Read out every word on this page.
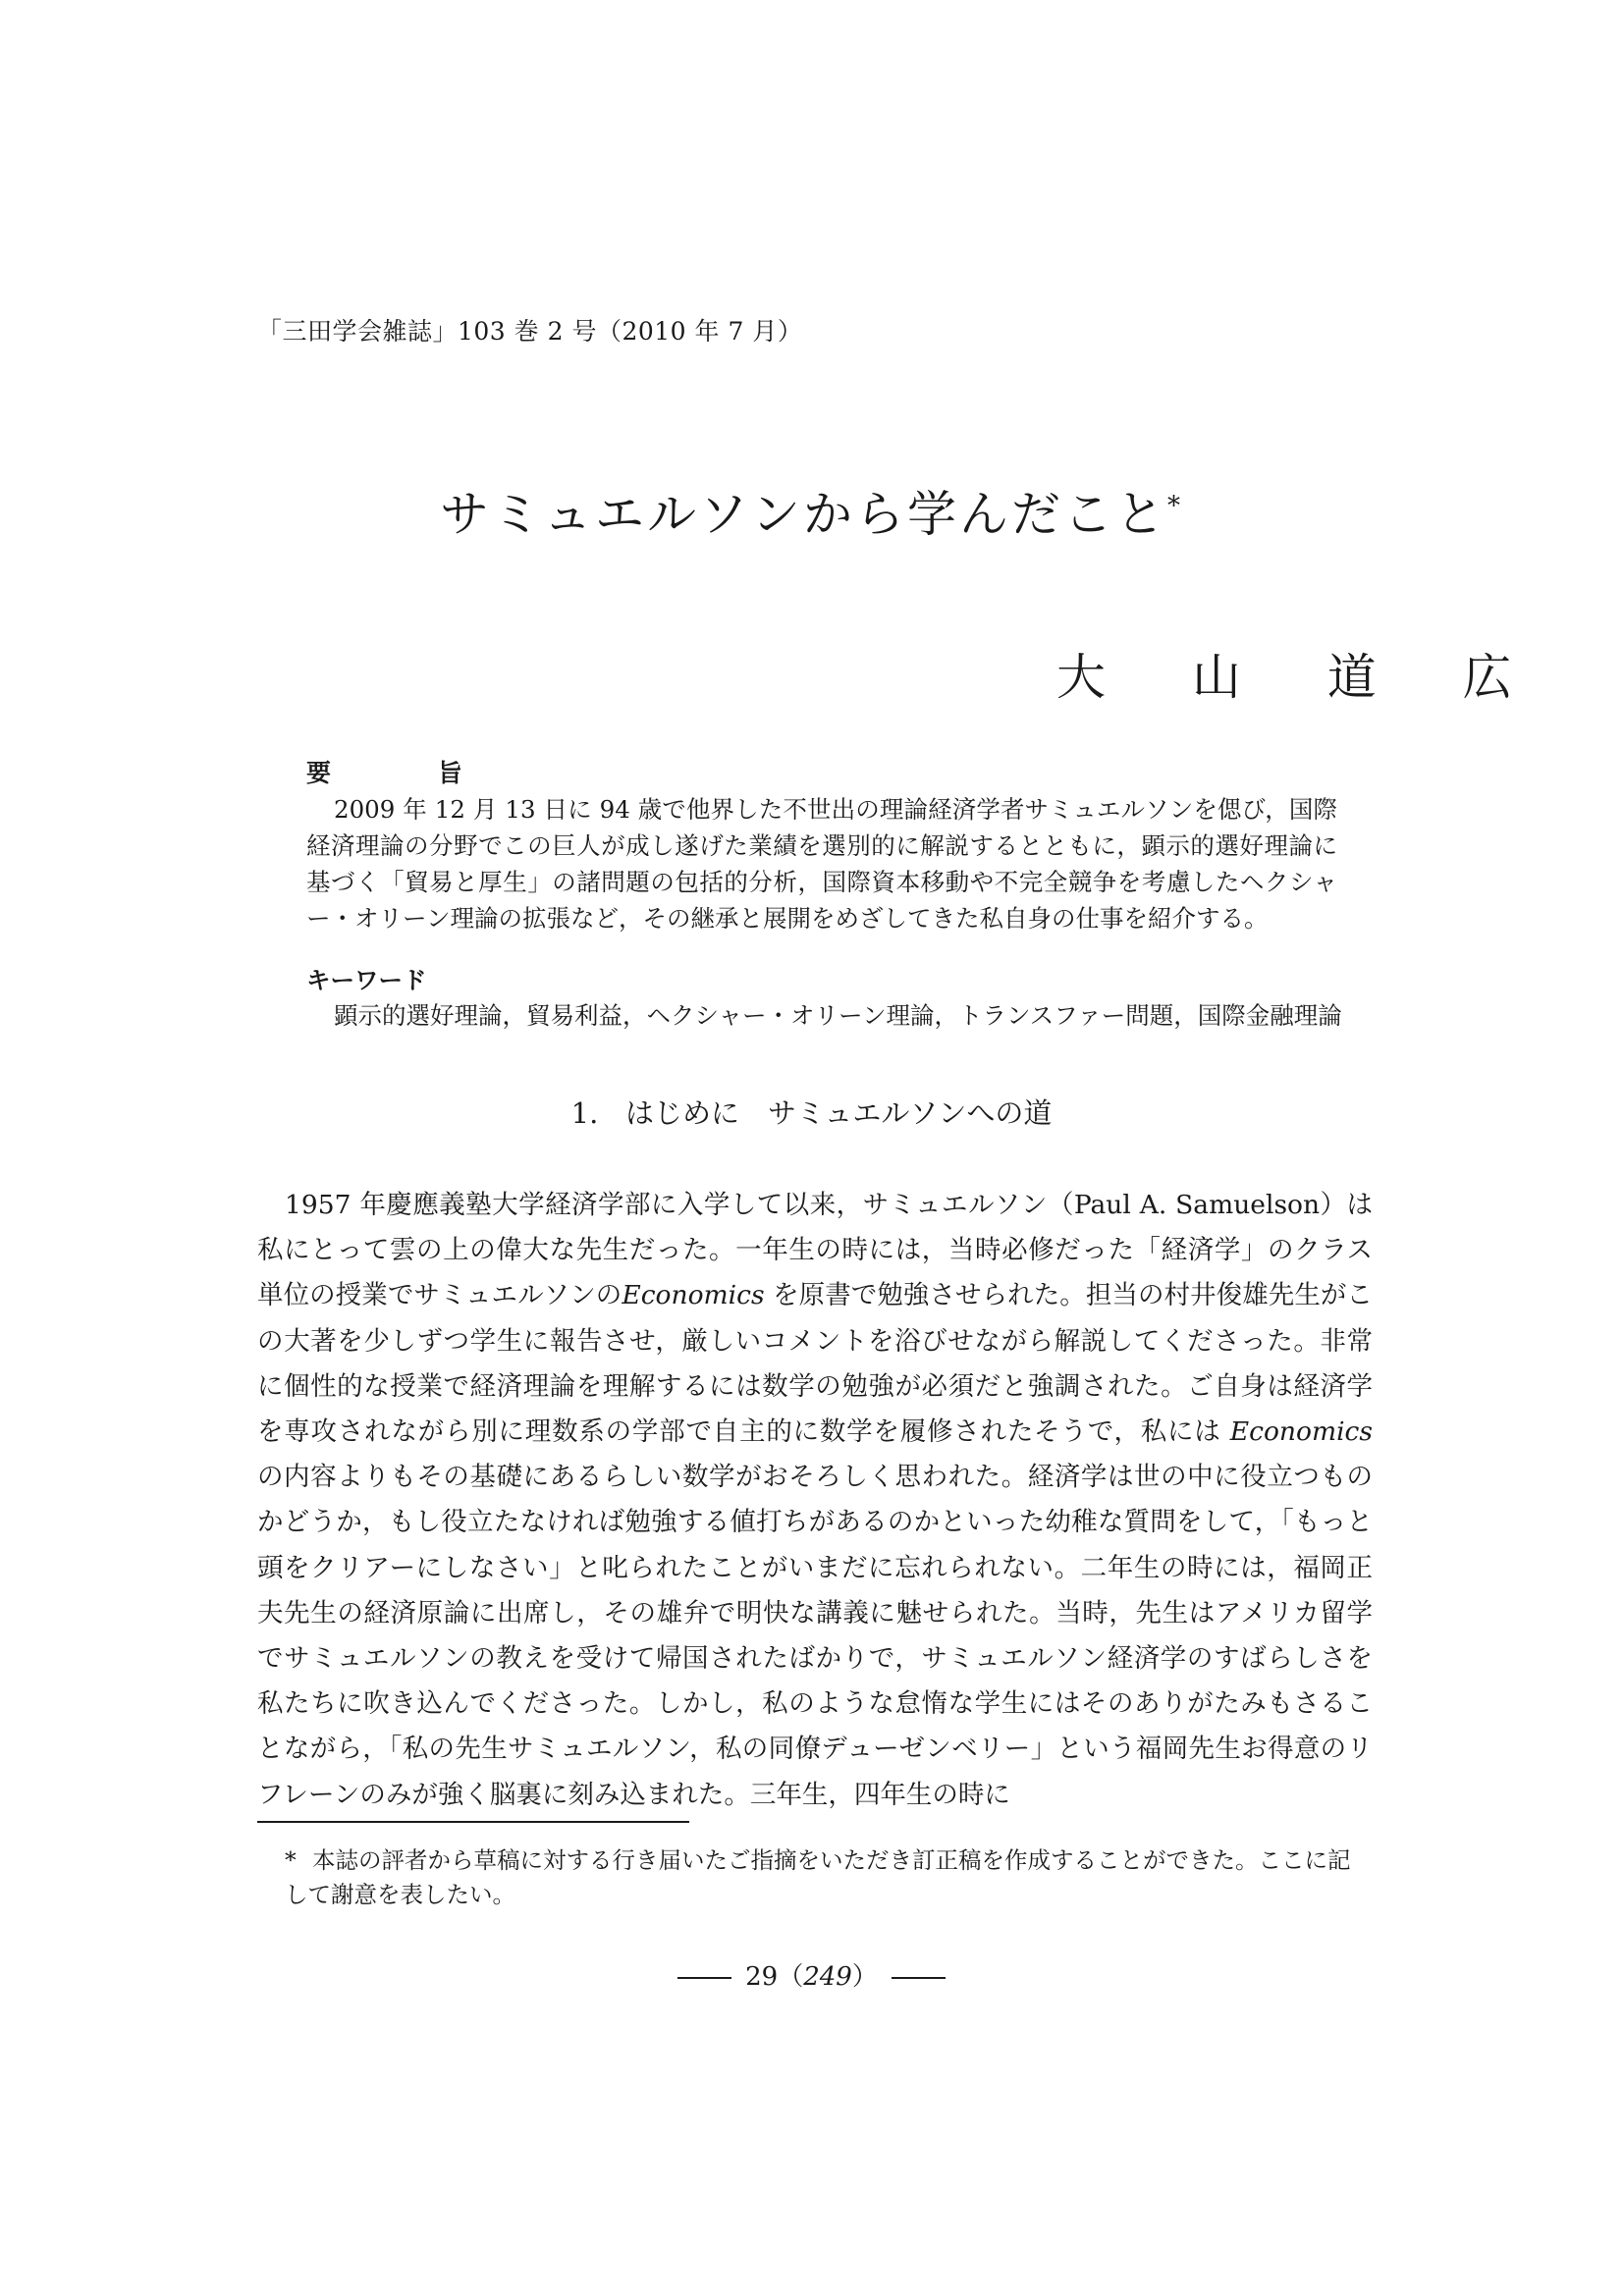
「三田学会雑誌」103 巻 2 号（2010 年 7 月）
サミュエルソンから学んだこと*
大 山 道 広
要 旨
2009 年 12 月 13 日に 94 歳で他界した不世出の理論経済学者サミュエルソンを偲び，国際経済理論の分野でこの巨人が成し遂げた業績を選別的に解説するとともに，顕示的選好理論に基づく「貿易と厚生」の諸問題の包括的分析，国際資本移動や不完全競争を考慮したヘクシャー・オリーン理論の拡張など，その継承と展開をめざしてきた私自身の仕事を紹介する。
キーワード
顕示的選好理論，貿易利益，ヘクシャー・オリーン理論，トランスファー問題，国際金融理論
1. はじめに　サミュエルソンへの道
1957 年慶應義塾大学経済学部に入学して以来，サミュエルソン（Paul A. Samuelson）は私にとって雲の上の偉大な先生だった。一年生の時には，当時必修だった「経済学」のクラス単位の授業でサミュエルソンのEconomics を原書で勉強させられた。担当の村井俊雄先生がこの大著を少しずつ学生に報告させ，厳しいコメントを浴びせながら解説してくださった。非常に個性的な授業で経済理論を理解するには数学の勉強が必須だと強調された。ご自身は経済学を専攻されながら別に理数系の学部で自主的に数学を履修されたそうで，私には Economics の内容よりもその基礎にあるらしい数学がおそろしく思われた。経済学は世の中に役立つものかどうか，もし役立たなければ勉強する値打ちがあるのかといった幼稚な質問をして，「もっと頭をクリアーにしなさい」と叱られたことがいまだに忘れられない。二年生の時には，福岡正夫先生の経済原論に出席し，その雄弁で明快な講義に魅せられた。当時，先生はアメリカ留学でサミュエルソンの教えを受けて帰国されたばかりで，サミュエルソン経済学のすばらしさを私たちに吹き込んでくださった。しかし，私のような怠惰な学生にはそのありがたみもさることながら，「私の先生サミュエルソン，私の同僚デューゼンベリー」という福岡先生お得意のリフレーンのみが強く脳裏に刻み込まれた。三年生，四年生の時に
* 本誌の評者から草稿に対する行き届いたご指摘をいただき訂正稿を作成することができた。ここに記して謝意を表したい。
29（249）
